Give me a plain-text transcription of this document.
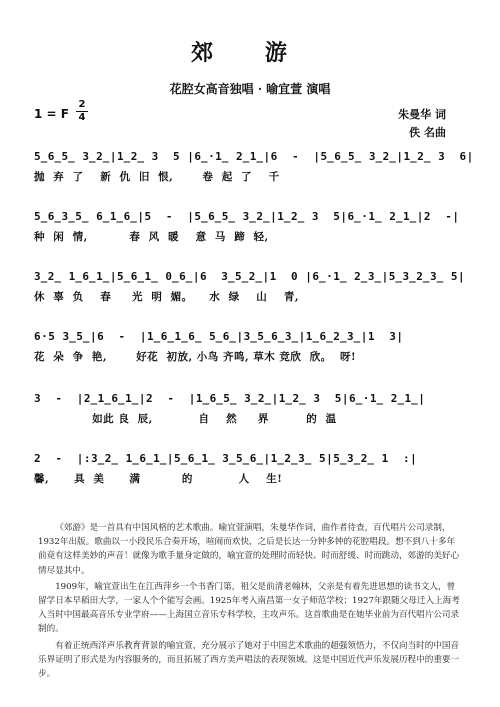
郊 游
花腔女高音独唱 · 喻宜萱 演唱
1 = F
2
4	朱曼华 词
佚 名曲
5̲6̲5̲ 3̲2̲|1̲2̲ 3  5 |6̲·1̲ 2̲1̲|6  -  |5̲6̲5̲ 3̲2̲|1̲2̲ 3  6|
抛  弃  了    新  仇  旧  恨,       卷  起  了    千
5̲6̲3̲5̲ 6̲1̲6̲|5  -  |5̲6̲5̲ 3̲2̲|1̲2̲ 3  5|6̲·1̲ 2̲1̲|2  -|
种  闲  情,          春  风  暖    意  马  蹄  轻,
3̲2̲ 1̲6̲1̲|5̲6̲1̲ 0̲6̲|6  3̲5̲2̲|1  0 |6̲·1̲ 2̲3̲|5̲3̲2̲3̲ 5|
休  辜  负    春     光  明  媚。    水  绿    山    青,
6·5 3̲5̲|6  -  |1̲6̲1̲6̲ 5̲6̲|3̲5̲6̲3̲|1̲6̲2̲3̲|1  3|
花  朵  争  艳,       好花  初放, 小鸟 齐鸣, 草木 竞欣  欣。  呀!
3  -  |2̲1̲6̲1̲|2  -  |1̲6̲5̲ 3̲2̲|1̲2̲ 3  5|6̲·1̲ 2̲1̲|
如此 良  辰,           自    然     界         的  温
2  -  |:3̲2̲ 1̲6̲1̲|5̲6̲1̲ 3̲5̲6̲|1̲2̲3̲ 5|5̲3̲2̲ 1  :|
馨,      具  美      满          的           人    生!

《郊游》是一首具有中国风格的艺术歌曲。喻宜萱演唱，朱曼华作词，曲作者待查，百代唱片公司录制，1932年出版。歌曲以一小段民乐合奏开场，喧闹而欢快，之后是长达一分钟多钟的花腔唱段。想不到八十多年前竟有这样美妙的声音！就像为歌手量身定做的，喻宜萱的处理时而轻快、时而舒缓、时而跳动，郊游的美好心情尽显其中。

1909年，喻宜萱出生在江西萍乡一个书香门第，祖父是前清老翰林，父亲是有着先进思想的读书文人，曾留学日本早稻田大学，一家人个个能写会画。1925年考入南昌第一女子师范学校；1927年跟随父母迁入上海考入当时中国最高音乐专业学府——上海国立音乐专科学校，主攻声乐。这首歌曲是在她毕业前为百代唱片公司录制的。

有着正统西洋声乐教育背景的喻宜萱，充分展示了她对于中国艺术歌曲的超强领悟力，不仅向当时的中国音乐界证明了形式是为内容服务的，而且拓展了西方美声唱法的表现领域。这是中国近代声乐发展历程中的重要一步。
